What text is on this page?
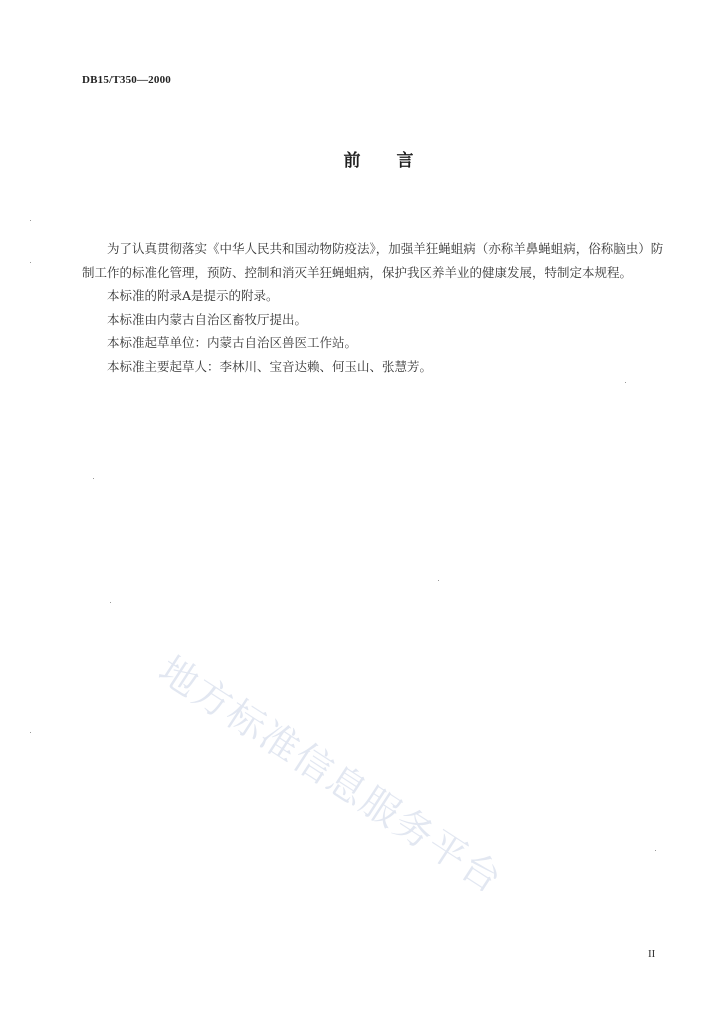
DB15/T350—2000
前言

为了认真贯彻落实《中华人民共和国动物防疫法》，加强羊狂蝇蛆病（亦称羊鼻蝇蛆病，俗称脑虫）防制工作的标准化管理，预防、控制和消灭羊狂蝇蛆病，保护我区养羊业的健康发展，特制定本规程。

本标准的附录A是提示的附录。

本标准由内蒙古自治区畜牧厅提出。

本标准起草单位：内蒙古自治区兽医工作站。

本标准主要起草人：李林川、宝音达赖、何玉山、张慧芳。

地方标准信息服务平台
II
